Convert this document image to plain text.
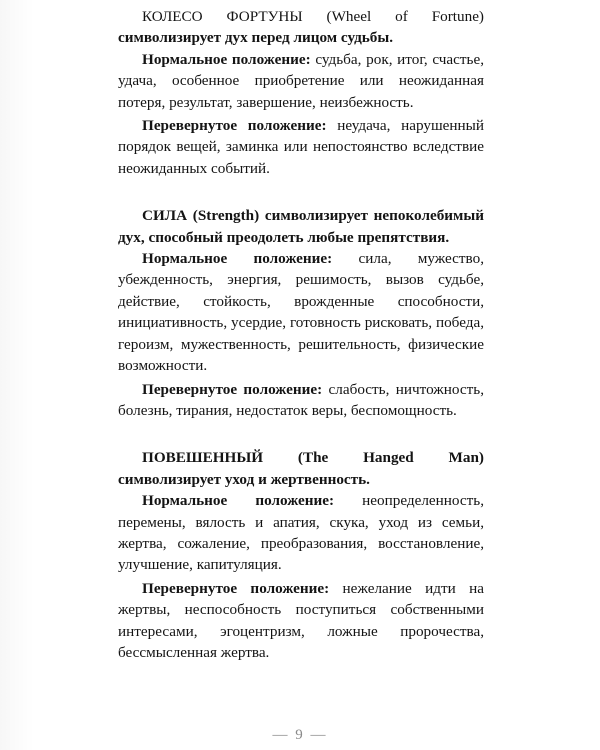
КОЛЕСО ФОРТУНЫ (Wheel of Fortune) символизирует дух перед лицом судьбы.

Нормальное положение: судьба, рок, итог, счастье, удача, особенное приобретение или неожиданная потеря, результат, завершение, неизбежность.

Перевернутое положение: неудача, нарушенный порядок вещей, заминка или непостоянство вследствие неожиданных событий.

СИЛА (Strength) символизирует непоколебимый дух, способный преодолеть любые препятствия.

Нормальное положение: сила, мужество, убежденность, энергия, решимость, вызов судьбе, действие, стойкость, врожденные способности, инициативность, усердие, готовность рисковать, победа, героизм, мужественность, решительность, физические возможности.

Перевернутое положение: слабость, ничтожность, болезнь, тирания, недостаток веры, беспомощность.

ПОВЕШЕННЫЙ (The Hanged Man) символизирует уход и жертвенность.

Нормальное положение: неопределенность, перемены, вялость и апатия, скука, уход из семьи, жертва, сожаление, преобразования, восстановление, улучшение, капитуляция.

Перевернутое положение: нежелание идти на жертвы, неспособность поступиться собственными интересами, эгоцентризм, ложные пророчества, бессмысленная жертва.

— 9 —
